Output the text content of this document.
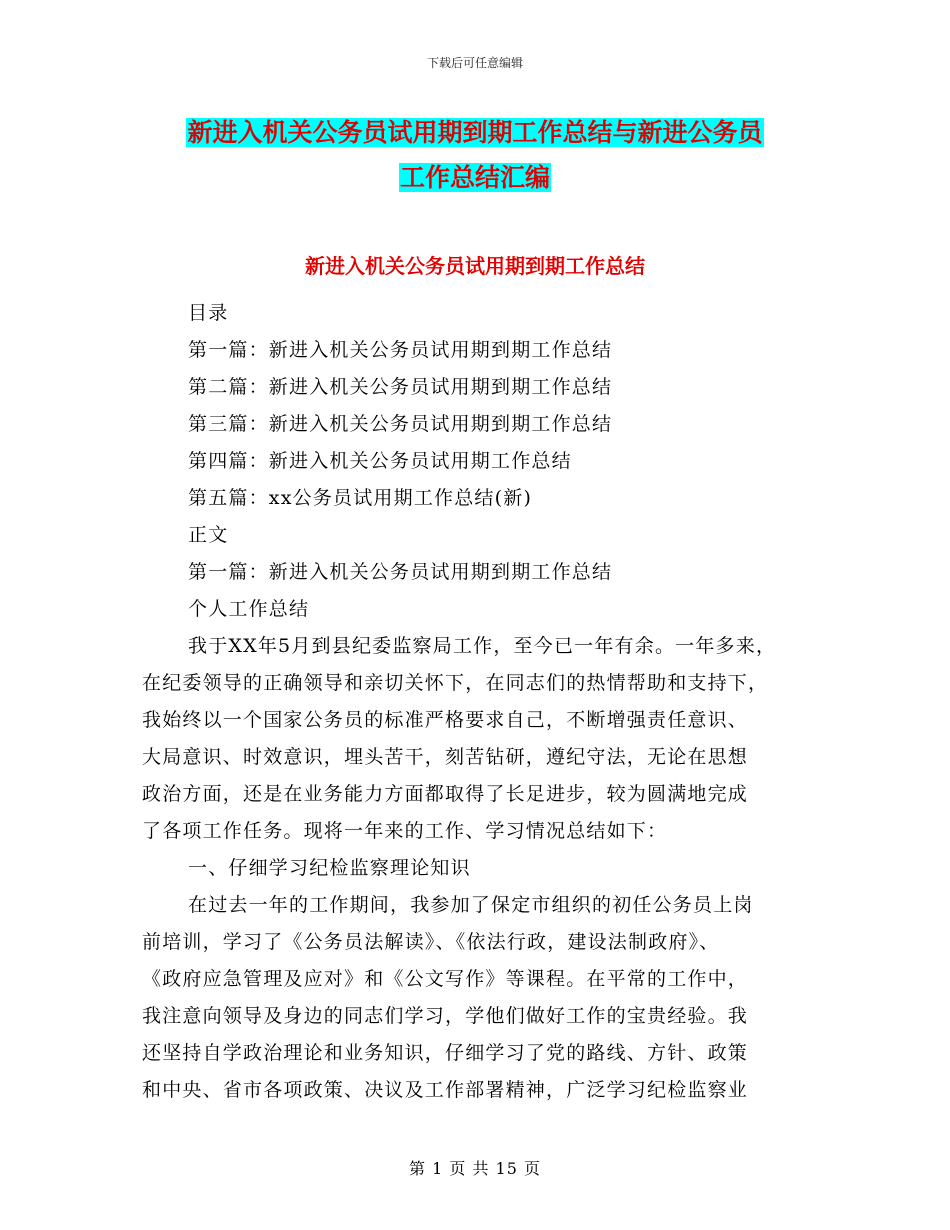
下载后可任意编辑
新进入机关公务员试用期到期工作总结与新进公务员
工作总结汇编
新进入机关公务员试用期到期工作总结
目录
第一篇：新进入机关公务员试用期到期工作总结
第二篇：新进入机关公务员试用期到期工作总结
第三篇：新进入机关公务员试用期到期工作总结
第四篇：新进入机关公务员试用期工作总结
第五篇：xx公务员试用期工作总结(新)
正文
第一篇：新进入机关公务员试用期到期工作总结
个人工作总结
我于XX年5月到县纪委监察局工作，至今已一年有余。一年多来，
在纪委领导的正确领导和亲切关怀下，在同志们的热情帮助和支持下，
我始终以一个国家公务员的标准严格要求自己，不断增强责任意识、
大局意识、时效意识，埋头苦干，刻苦钻研，遵纪守法，无论在思想
政治方面，还是在业务能力方面都取得了长足进步，较为圆满地完成
了各项工作任务。现将一年来的工作、学习情况总结如下：
一、仔细学习纪检监察理论知识
在过去一年的工作期间，我参加了保定市组织的初任公务员上岗
前培训，学习了《公务员法解读》、《依法行政，建设法制政府》、
《政府应急管理及应对》和《公文写作》等课程。在平常的工作中，
我注意向领导及身边的同志们学习，学他们做好工作的宝贵经验。我
还坚持自学政治理论和业务知识，仔细学习了党的路线、方针、政策
和中央、省市各项政策、决议及工作部署精神，广泛学习纪检监察业
第 1 页 共 15 页
